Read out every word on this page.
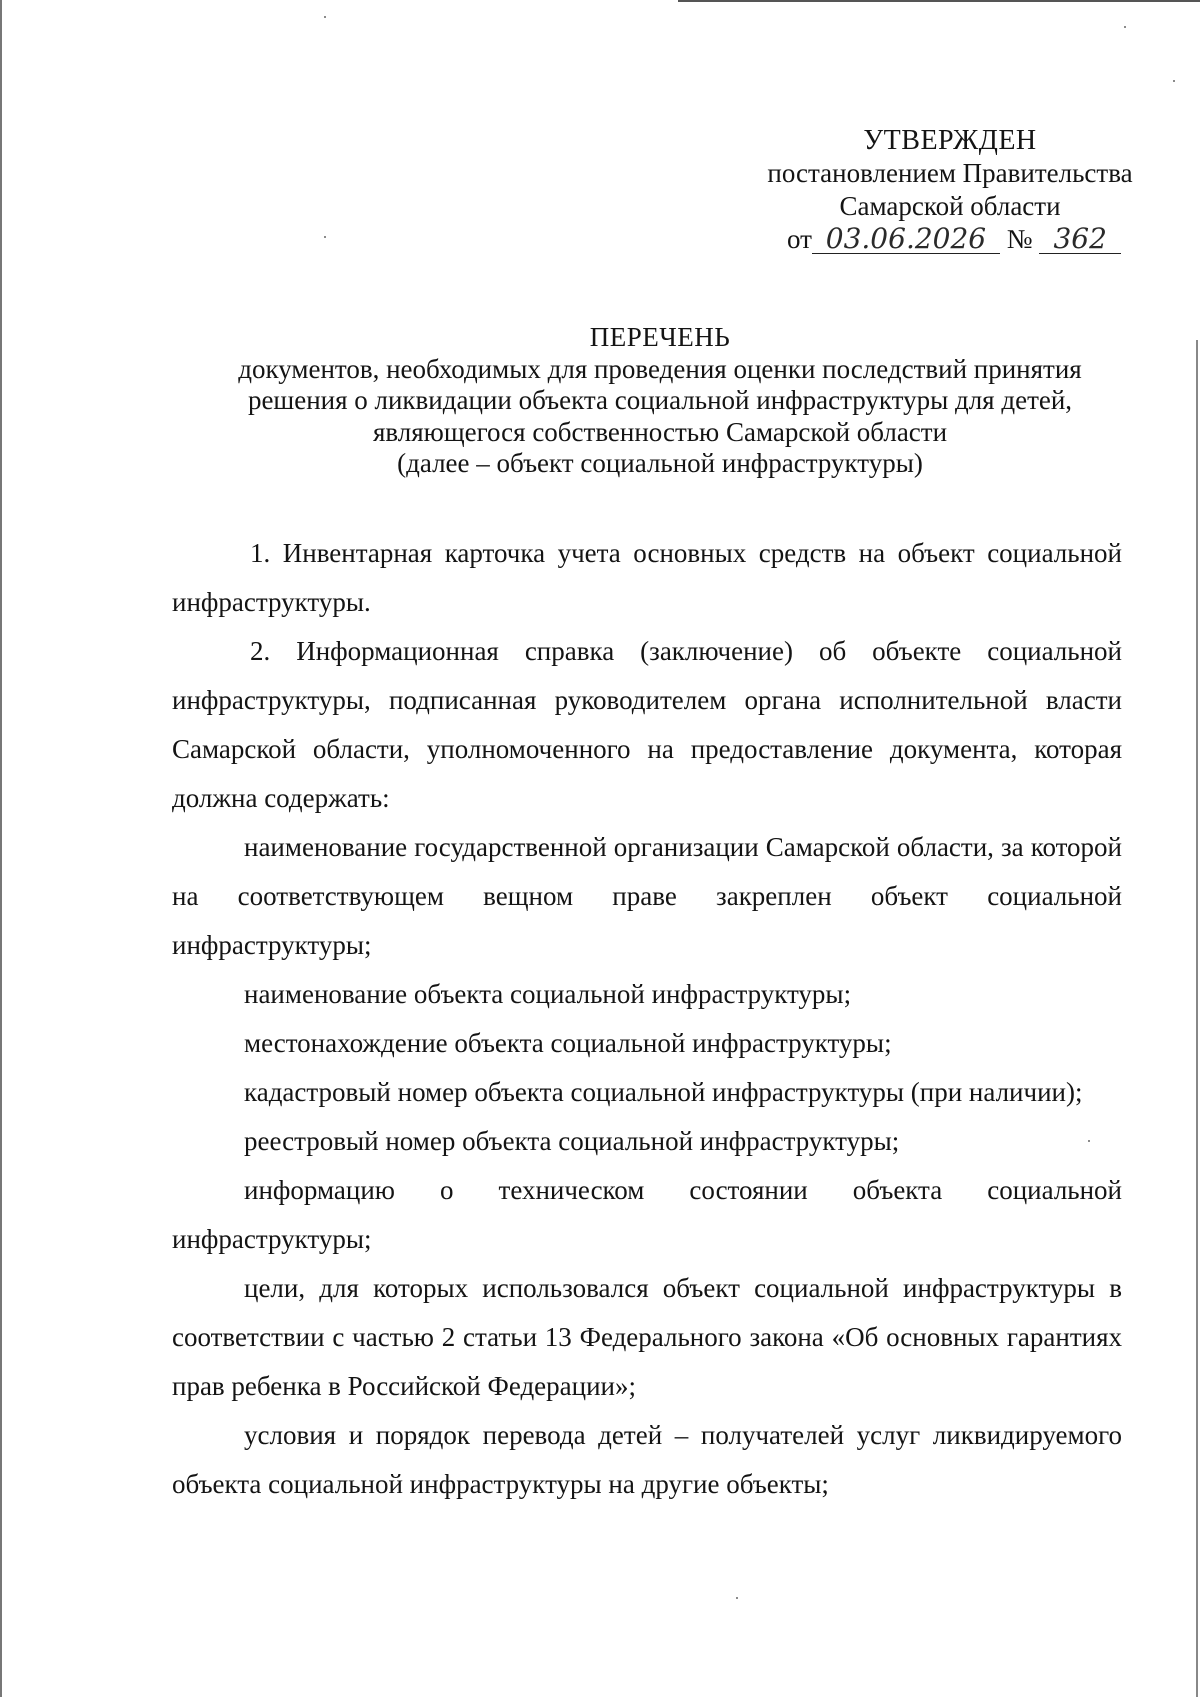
УТВЕРЖДЕН
постановлением Правительства
Самарской области
от 03.06.2026 № 362
ПЕРЕЧЕНЬ
документов, необходимых для проведения оценки последствий принятия
решения о ликвидации объекта социальной инфраструктуры для детей,
являющегося собственностью Самарской области
(далее – объект социальной инфраструктуры)

1. Инвентарная карточка учета основных средств на объект социальной инфраструктуры.

2. Информационная справка (заключение) об объекте социальной инфраструктуры, подписанная руководителем органа исполнительной власти Самарской области, уполномоченного на предоставление документа, которая должна содержать:

наименование государственной организации Самарской области, за которой на соответствующем вещном праве закреплен объект социальной инфраструктуры;

наименование объекта социальной инфраструктуры;

местонахождение объекта социальной инфраструктуры;

кадастровый номер объекта социальной инфраструктуры (при наличии);

реестровый номер объекта социальной инфраструктуры;

информацию о техническом состоянии объекта социальной инфраструктуры;

цели, для которых использовался объект социальной инфраструктуры в соответствии с частью 2 статьи 13 Федерального закона «Об основных гарантиях прав ребенка в Российской Федерации»;

условия и порядок перевода детей – получателей услуг ликвидируемого объекта социальной инфраструктуры на другие объекты;
